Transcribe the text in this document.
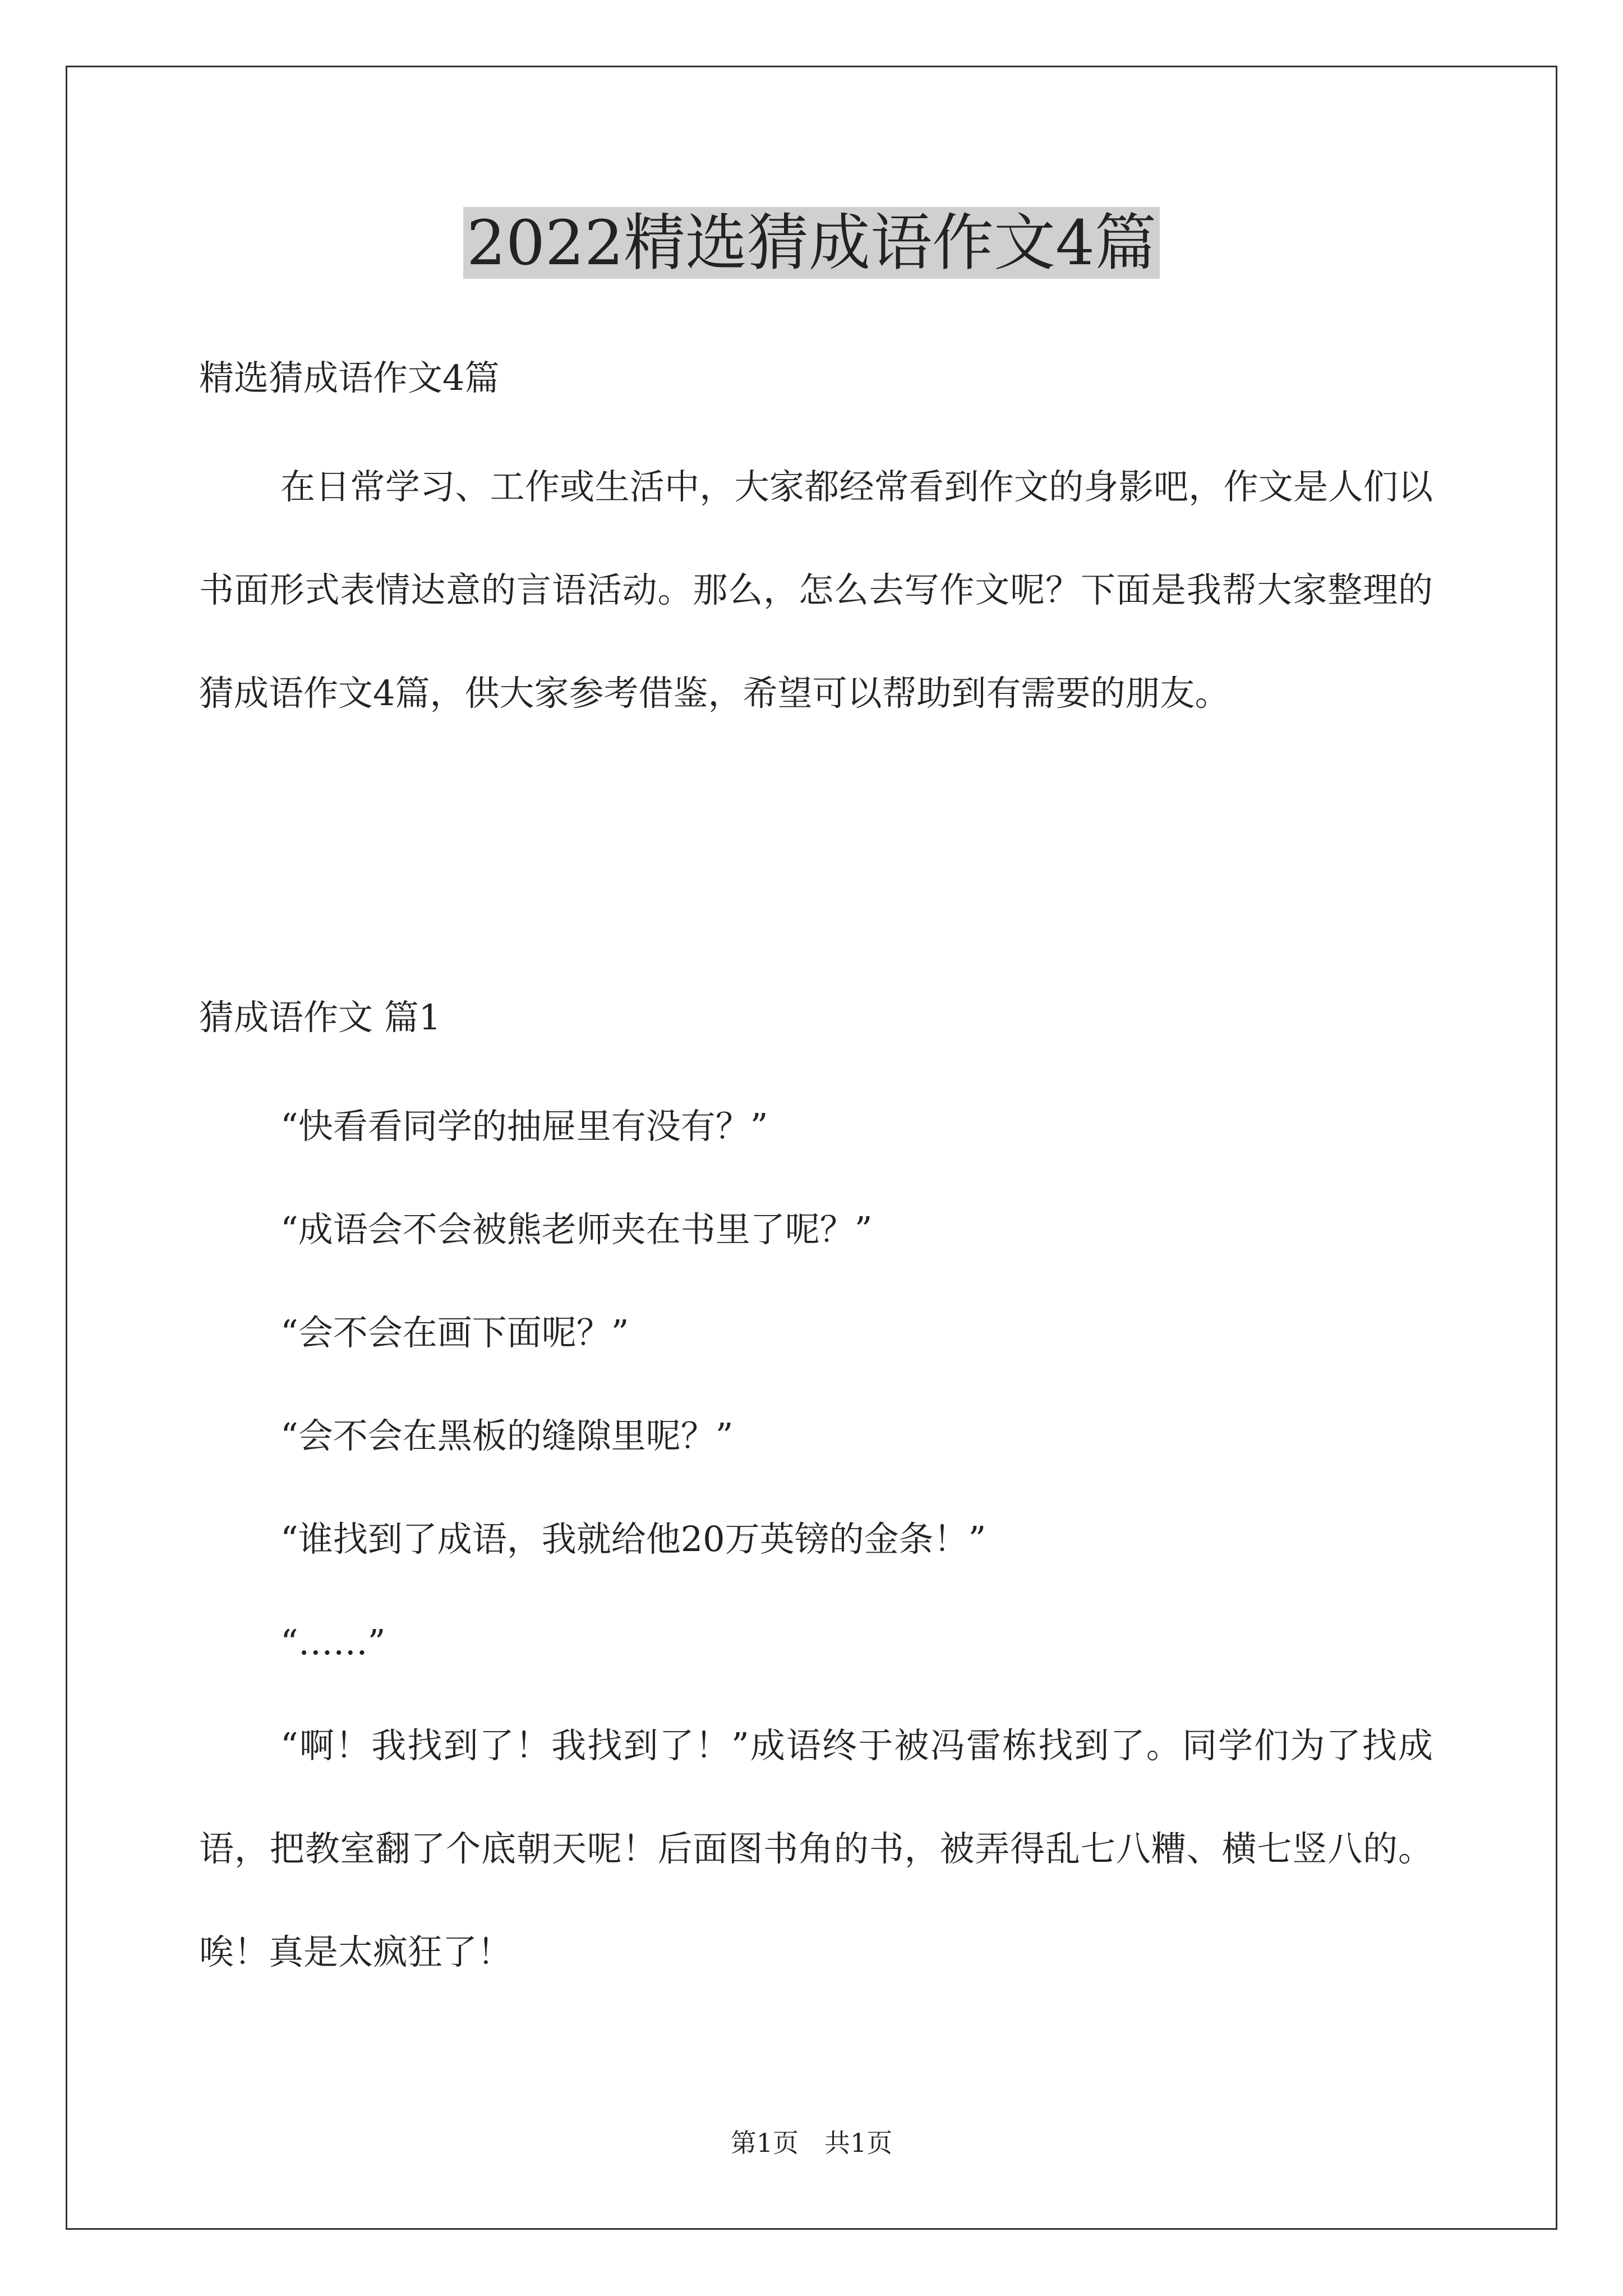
2022精选猜成语作文4篇
精选猜成语作文4篇
在日常学习、工作或生活中，大家都经常看到作文的身影吧，作文是人们以书面形式表情达意的言语活动。那么，怎么去写作文呢？下面是我帮大家整理的猜成语作文4篇，供大家参考借鉴，希望可以帮助到有需要的朋友。
猜成语作文 篇1
“快看看同学的抽屉里有没有？”
“成语会不会被熊老师夹在书里了呢？”
“会不会在画下面呢？”
“会不会在黑板的缝隙里呢？”
“谁找到了成语，我就给他20万英镑的金条！”
“……”
“啊！我找到了！我找到了！”成语终于被冯雷栋找到了。同学们为了找成语，把教室翻了个底朝天呢！后面图书角的书，被弄得乱七八糟、横七竖八的。唉！真是太疯狂了！
第1页　共1页
